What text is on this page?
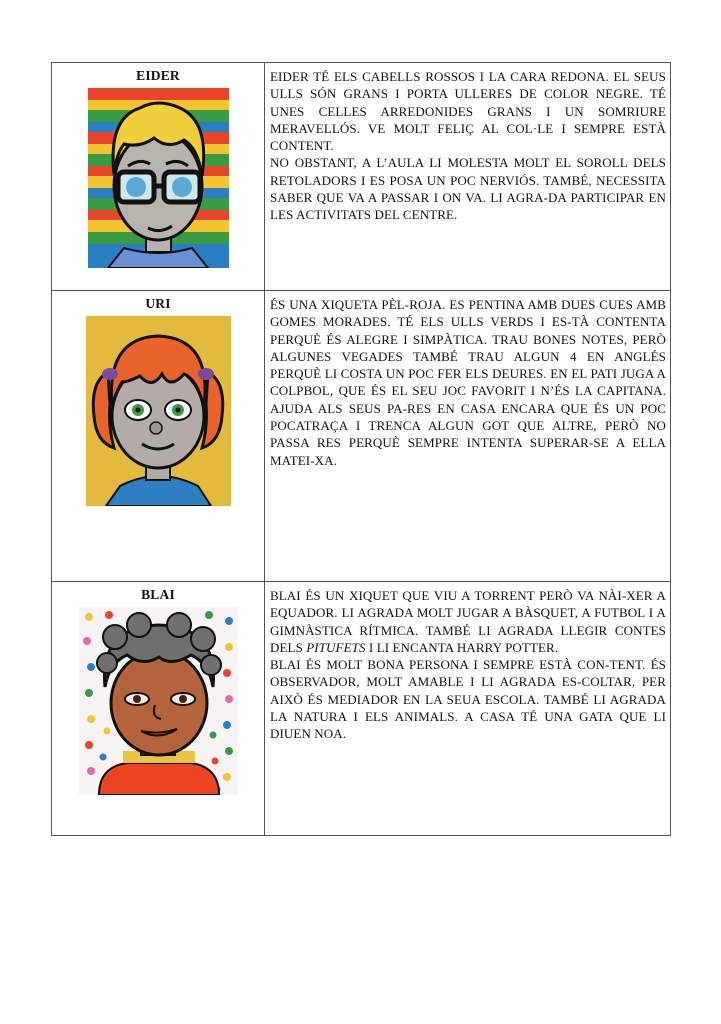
EIDER	EIDER TÉ ELS CABELLS ROSSOS I LA CARA REDONA. EL SEUS ULLS SÓN GRANS I PORTA ULLERES DE COLOR NEGRE. TÉ UNES CELLES ARREDONIDES GRANS I UN SOMRIURE MERAVELLÓS. VE MOLT FELIÇ AL COL·LE I SEMPRE ESTÀ CONTENT.
NO OBSTANT, A L’AULA LI MOLESTA MOLT EL SOROLL DELS RETOLADORS I ES POSA UN POC NERVIÓS. TAMBÉ, NECESSITA SABER QUE VA A PASSAR I ON VA. LI AGRA-DA PARTICIPAR EN LES ACTIVITATS DEL CENTRE.

URI	ÉS UNA XIQUETA PÈL-ROJA. ES PENTINA AMB DUES CUES AMB GOMES MORADES. TÉ ELS ULLS VERDS I ES-TÀ CONTENTA PERQUÈ ÉS ALEGRE I SIMPÀTICA. TRAU BONES NOTES, PERÒ ALGUNES VEGADES TAMBÉ TRAU ALGUN 4 EN ANGLÉS PERQUÈ LI COSTA UN POC FER ELS DEURES. EN EL PATI JUGA A COLPBOL, QUE ÉS EL SEU JOC FAVORIT I N’ÉS LA CAPITANA. AJUDA ALS SEUS PA-RES EN CASA ENCARA QUE ÉS UN POC POCATRAÇA I TRENCA ALGUN GOT QUE ALTRE, PERÒ NO PASSA RES PERQUÈ SEMPRE INTENTA SUPERAR-SE A ELLA MATEI-XA.

BLAI	BLAI ÉS UN XIQUET QUE VIU A TORRENT PERÒ VA NÀI-XER A EQUADOR. LI AGRADA MOLT JUGAR A BÀSQUET, A FUTBOL I A GIMNÀSTICA RÍTMICA. TAMBÉ LI AGRADA LLEGIR CONTES DELS PITUFETS I LI ENCANTA HARRY POTTER.
BLAI ÉS MOLT BONA PERSONA I SEMPRE ESTÀ CON-TENT. ÉS OBSERVADOR, MOLT AMABLE I LI AGRADA ES-COLTAR, PER AIXÒ ÉS MEDIADOR EN LA SEUA ESCOLA. TAMBÉ LI AGRADA LA NATURA I ELS ANIMALS. A CASA TÉ UNA GATA QUE LI DIUEN NOA.
